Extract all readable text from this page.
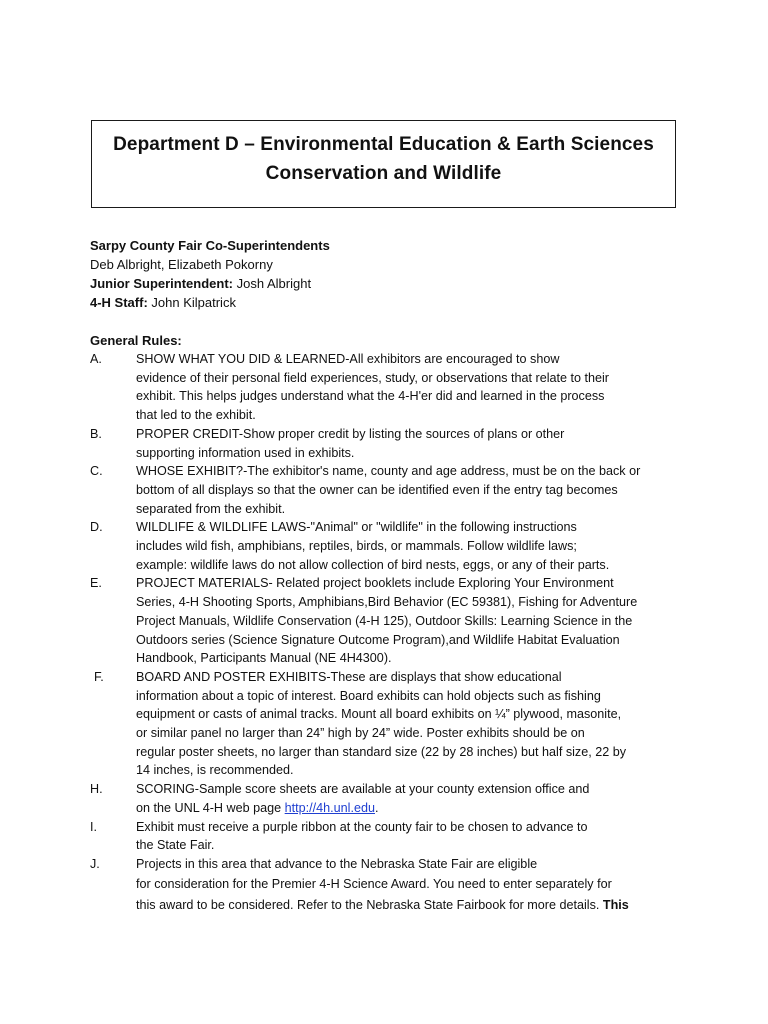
Department D – Environmental Education & Earth Sciences
Conservation and Wildlife
Sarpy County Fair Co-Superintendents
Deb Albright, Elizabeth Pokorny
Junior Superintendent: Josh Albright
4-H Staff: John Kilpatrick
General Rules:
A.	SHOW WHAT YOU DID & LEARNED-All exhibitors are encouraged to show

evidence of their personal field experiences, study, or observations that relate to their

exhibit. This helps judges understand what the 4-H'er did and learned in the process

that led to the exhibit.

B.	PROPER CREDIT-Show proper credit by listing the sources of plans or other

supporting information used in exhibits.

C.	WHOSE EXHIBIT?-The exhibitor's name, county and age address, must be on the back or

bottom of all displays so that the owner can be identified even if the entry tag becomes

separated from the exhibit.

D.	WILDLIFE & WILDLIFE LAWS-"Animal" or "wildlife" in the following instructions

includes wild fish, amphibians, reptiles, birds, or mammals. Follow wildlife laws;

example: wildlife laws do not allow collection of bird nests, eggs, or any of their parts.

E.	PROJECT MATERIALS- Related project booklets include Exploring Your Environment

Series, 4-H Shooting Sports, Amphibians,Bird Behavior (EC 59381), Fishing for Adventure

Project Manuals, Wildlife Conservation (4-H 125), Outdoor Skills: Learning Science in the

Outdoors series (Science Signature Outcome Program),and Wildlife Habitat Evaluation

Handbook, Participants Manual (NE 4H4300).

F.	BOARD AND POSTER EXHIBITS-These are displays that show educational

information about a topic of interest. Board exhibits can hold objects such as fishing

equipment or casts of animal tracks. Mount all board exhibits on ¼” plywood, masonite,

or similar panel no larger than 24” high by 24” wide. Poster exhibits should be on

regular poster sheets, no larger than standard size (22 by 28 inches) but half size, 22 by

14 inches, is recommended.

H.	SCORING-Sample score sheets are available at your county extension office and

on the UNL 4-H web page http://4h.unl.edu.

I.	Exhibit must receive a purple ribbon at the county fair to be chosen to advance to

the State Fair.

J.	Projects in this area that advance to the Nebraska State Fair are eligible

for consideration for the Premier 4-H Science Award. You need to enter separately for

this award to be considered. Refer to the Nebraska State Fairbook for more details. This
